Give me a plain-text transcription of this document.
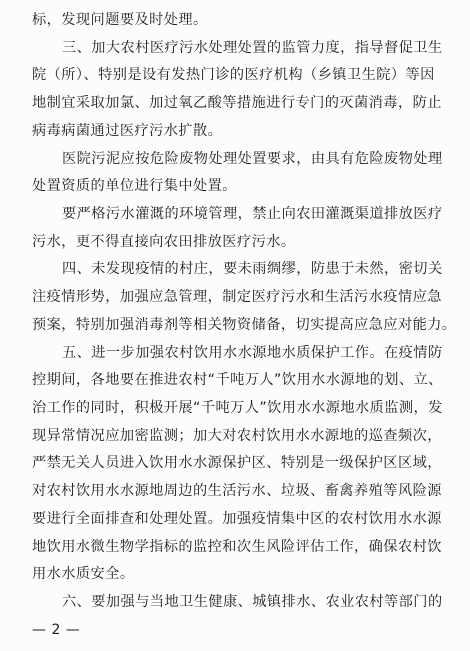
标，发现问题要及时处理。
三、加大农村医疗污水处理处置的监管力度，指导督促卫生
院（所）、特别是设有发热门诊的医疗机构（乡镇卫生院）等因
地制宜采取加氯、加过氧乙酸等措施进行专门的灭菌消毒，防止
病毒病菌通过医疗污水扩散。
医院污泥应按危险废物处理处置要求，由具有危险废物处理
处置资质的单位进行集中处置。
要严格污水灌溉的环境管理，禁止向农田灌溉渠道排放医疗
污水，更不得直接向农田排放医疗污水。
四、未发现疫情的村庄，要未雨绸缪，防患于未然，密切关
注疫情形势，加强应急管理，制定医疗污水和生活污水疫情应急
预案，特别加强消毒剂等相关物资储备，切实提高应急应对能力。
五、进一步加强农村饮用水水源地水质保护工作。在疫情防
控期间，各地要在推进农村“千吨万人”饮用水水源地的划、立、
治工作的同时，积极开展“千吨万人”饮用水水源地水质监测，发
现异常情况应加密监测；加大对农村饮用水水源地的巡查频次，
严禁无关人员进入饮用水水源保护区、特别是一级保护区区域，
对农村饮用水水源地周边的生活污水、垃圾、畜禽养殖等风险源
要进行全面排查和处理处置。加强疫情集中区的农村饮用水水源
地饮用水微生物学指标的监控和次生风险评估工作，确保农村饮
用水水质安全。
六、要加强与当地卫生健康、城镇排水、农业农村等部门的
— 2 —
